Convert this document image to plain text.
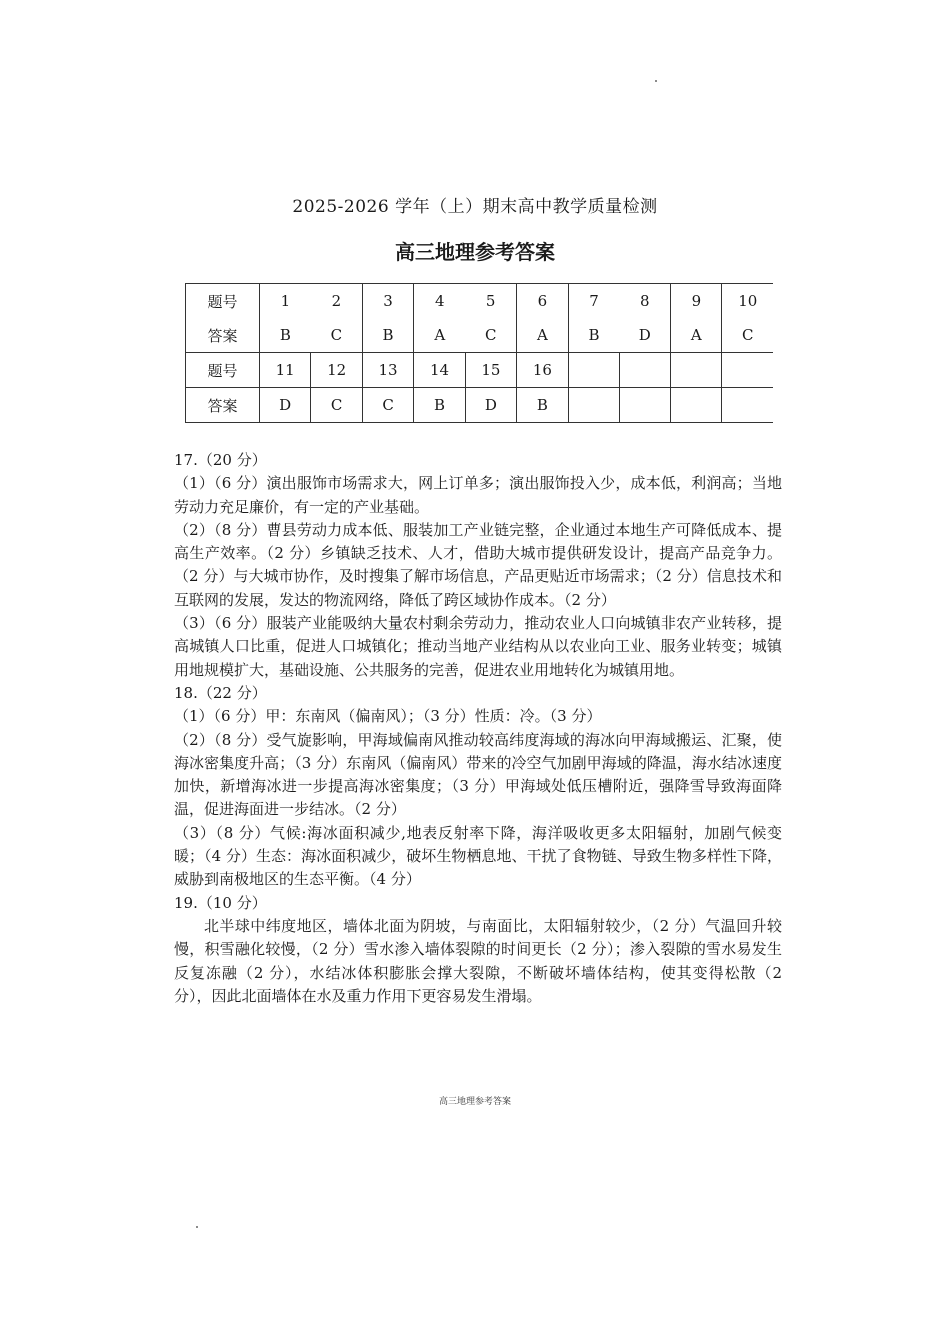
2025-2026 学年（上）期末高中教学质量检测
高三地理参考答案
题号	1	2	3	4	5	6	7	8	9	10
答案	B	C	B	A	C	A	B	D	A	C
题号	11	12	13	14	15	16				
答案	D	C	C	B	D	B				

17.（20 分）

（1）（6 分）演出服饰市场需求大，网上订单多；演出服饰投入少，成本低，利润高；当地劳动力充足廉价，有一定的产业基础。

（2）（8 分）曹县劳动力成本低、服装加工产业链完整，企业通过本地生产可降低成本、提高生产效率。（2 分）乡镇缺乏技术、人才，借助大城市提供研发设计，提高产品竞争力。（2 分）与大城市协作，及时搜集了解市场信息，产品更贴近市场需求；（2 分）信息技术和互联网的发展，发达的物流网络，降低了跨区域协作成本。（2 分）

（3）（6 分）服装产业能吸纳大量农村剩余劳动力，推动农业人口向城镇非农产业转移，提高城镇人口比重，促进人口城镇化；推动当地产业结构从以农业向工业、服务业转变；城镇用地规模扩大，基础设施、公共服务的完善，促进农业用地转化为城镇用地。

18.（22 分）

（1）（6 分）甲：东南风（偏南风）；（3 分）性质：冷。（3 分）

（2）（8 分）受气旋影响，甲海域偏南风推动较高纬度海域的海冰向甲海域搬运、汇聚，使海冰密集度升高；（3 分）东南风（偏南风）带来的冷空气加剧甲海域的降温，海水结冰速度加快，新增海冰进一步提高海冰密集度；（3 分）甲海域处低压槽附近，强降雪导致海面降温，促进海面进一步结冰。（2 分）

（3）（8 分）气候:海冰面积减少,地表反射率下降，海洋吸收更多太阳辐射，加剧气候变暖；（4 分）生态：海冰面积减少，破坏生物栖息地、干扰了食物链、导致生物多样性下降，威胁到南极地区的生态平衡。（4 分）

19.（10 分）

北半球中纬度地区，墙体北面为阴坡，与南面比，太阳辐射较少，（2 分）气温回升较慢，积雪融化较慢，（2 分）雪水渗入墙体裂隙的时间更长（2 分）；渗入裂隙的雪水易发生反复冻融（2 分），水结冰体积膨胀会撑大裂隙，不断破坏墙体结构，使其变得松散（2 分），因此北面墙体在水及重力作用下更容易发生滑塌。

高三地理参考答案
